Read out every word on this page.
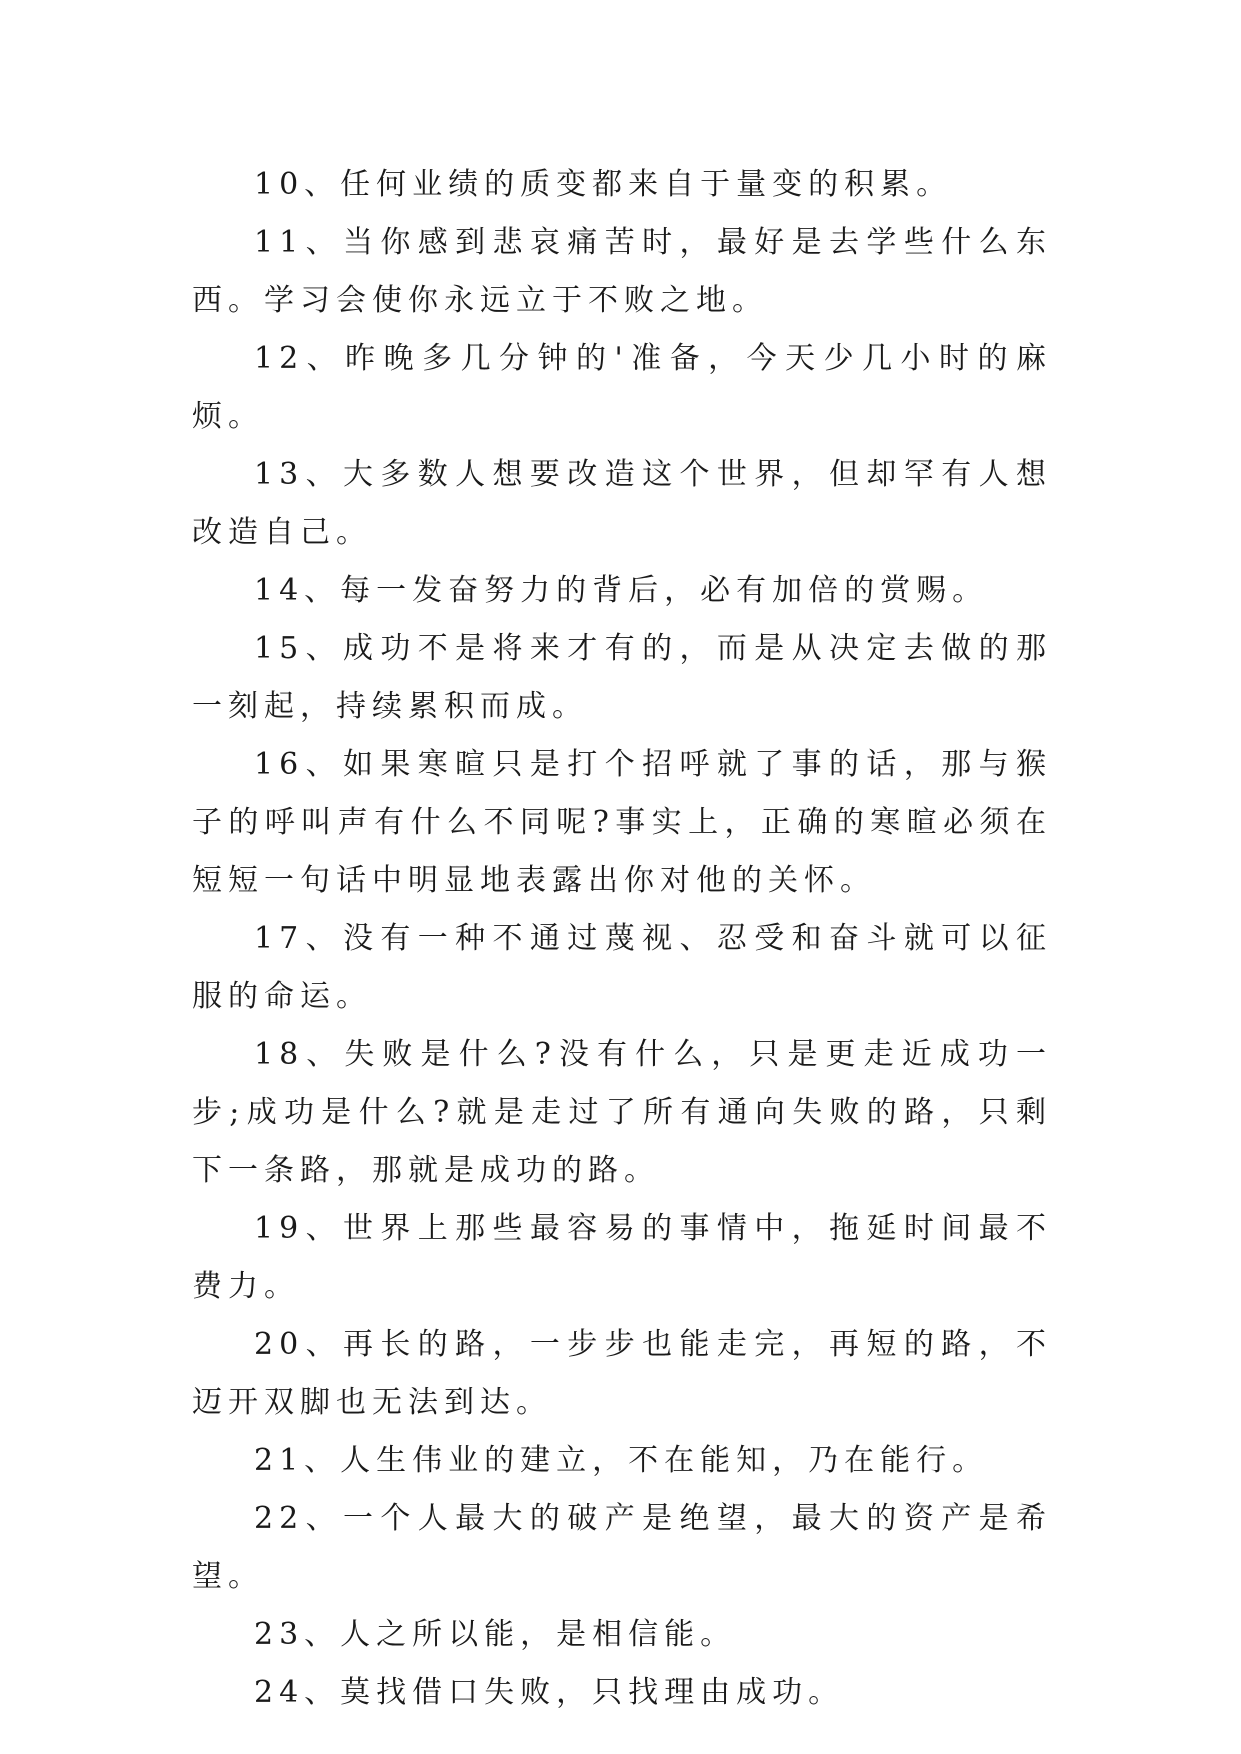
10、任何业绩的质变都来自于量变的积累。

11、当你感到悲哀痛苦时，最好是去学些什么东西。学习会使你永远立于不败之地。

12、昨晚多几分钟的'准备，今天少几小时的麻烦。

13、大多数人想要改造这个世界，但却罕有人想改造自己。

14、每一发奋努力的背后，必有加倍的赏赐。

15、成功不是将来才有的，而是从决定去做的那一刻起，持续累积而成。

16、如果寒暄只是打个招呼就了事的话，那与猴子的呼叫声有什么不同呢?事实上，正确的寒暄必须在短短一句话中明显地表露出你对他的关怀。

17、没有一种不通过蔑视、忍受和奋斗就可以征服的命运。

18、失败是什么?没有什么，只是更走近成功一步;成功是什么?就是走过了所有通向失败的路，只剩下一条路，那就是成功的路。

19、世界上那些最容易的事情中，拖延时间最不费力。

20、再长的路，一步步也能走完，再短的路，不迈开双脚也无法到达。

21、人生伟业的建立，不在能知，乃在能行。

22、一个人最大的破产是绝望，最大的资产是希望。

23、人之所以能，是相信能。

24、莫找借口失败，只找理由成功。
